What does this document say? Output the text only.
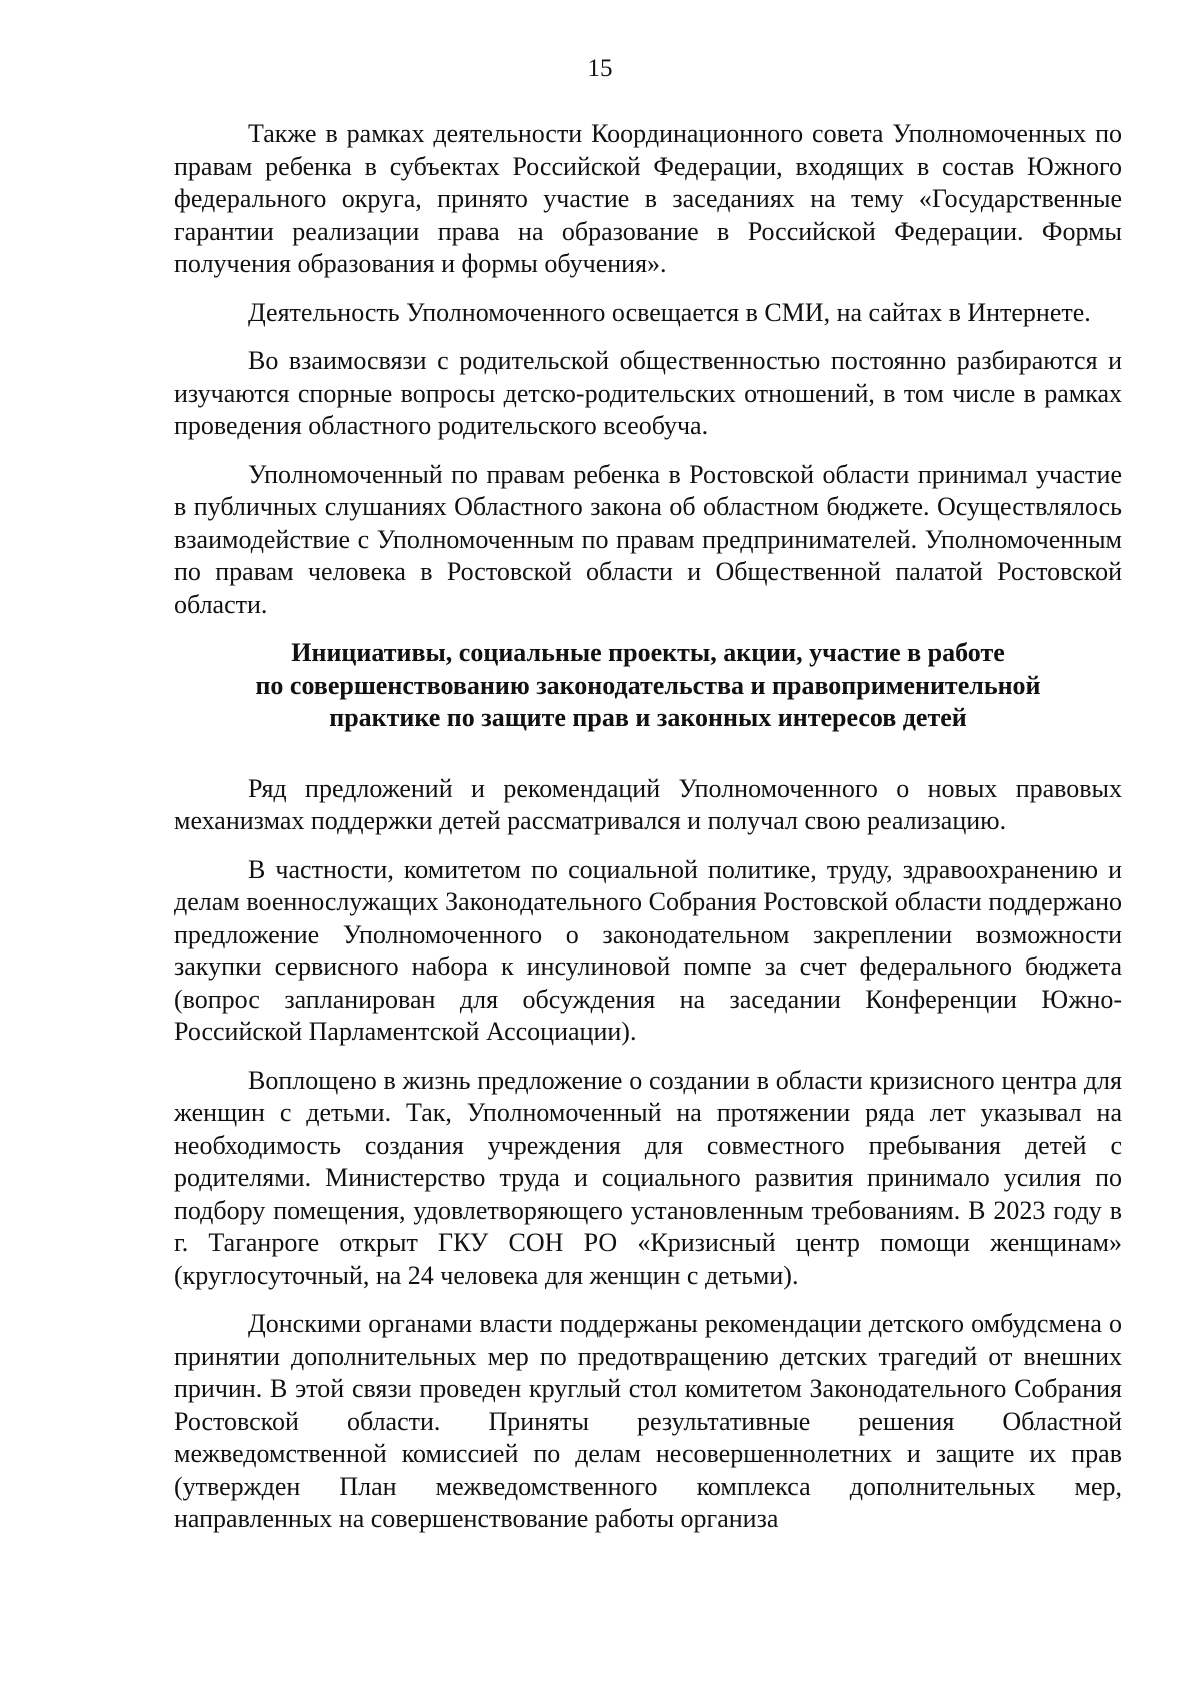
15

Также в рамках деятельности Координационного совета Уполномоченных по правам ребенка в субъектах Российской Федерации, входящих в состав Южного федерального округа, принято участие в заседаниях на тему «Государственные гарантии реализации права на образование в Российской Федерации. Формы получения образования и формы обучения».

Деятельность Уполномоченного освещается в СМИ, на сайтах в Интернете.

Во взаимосвязи с родительской общественностью постоянно разбираются и изучаются спорные вопросы детско-родительских отношений, в том числе в рамках проведения областного родительского всеобуча.

Уполномоченный по правам ребенка в Ростовской области принимал участие в публичных слушаниях Областного закона об областном бюджете. Осуществлялось взаимодействие с Уполномоченным по правам предпринимателей. Уполномоченным по правам человека в Ростовской области и Общественной палатой Ростовской области.

Инициативы, социальные проекты, акции, участие в работе
по совершенствованию законодательства и правоприменительной
практике по защите прав и законных интересов детей

Ряд предложений и рекомендаций Уполномоченного о новых правовых механизмах поддержки детей рассматривался и получал свою реализацию.

В частности, комитетом по социальной политике, труду, здравоохранению и делам военнослужащих Законодательного Собрания Ростовской области поддержано предложение Уполномоченного о законодательном закреплении возможности закупки сервисного набора к инсулиновой помпе за счет федерального бюджета (вопрос запланирован для обсуждения на заседании Конференции Южно-Российской Парламентской Ассоциации).

Воплощено в жизнь предложение о создании в области кризисного центра для женщин с детьми. Так, Уполномоченный на протяжении ряда лет указывал на необходимость создания учреждения для совместного пребывания детей с родителями. Министерство труда и социального развития принимало усилия по подбору помещения, удовлетворяющего установленным требованиям. В 2023 году в г. Таганроге открыт ГКУ СОН РО «Кризисный центр помощи женщинам» (круглосуточный, на 24 человека для женщин с детьми).

Донскими органами власти поддержаны рекомендации детского омбудсмена о принятии дополнительных мер по предотвращению детских трагедий от внешних причин. В этой связи проведен круглый стол комитетом Законодательного Собрания Ростовской области. Приняты результативные решения Областной межведомственной комиссией по делам несовершеннолетних и защите их прав (утвержден План межведомственного комплекса дополнительных мер, направленных на совершенствование работы организа
